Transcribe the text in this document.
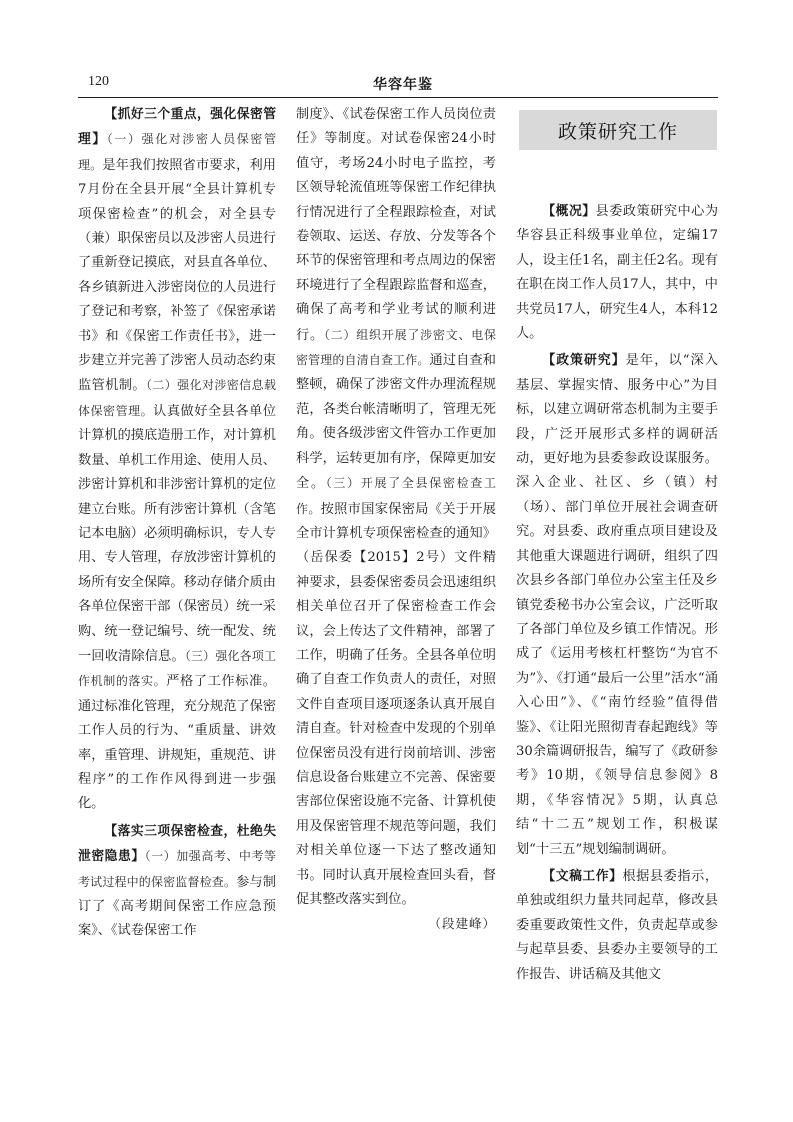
120	华容年鉴

【抓好三个重点，强化保密管理】（一）强化对涉密人员保密管理。是年我们按照省市要求，利用7月份在全县开展“全县计算机专项保密检查”的机会，对全县专（兼）职保密员以及涉密人员进行了重新登记摸底，对县直各单位、各乡镇新进入涉密岗位的人员进行了登记和考察，补签了《保密承诺书》和《保密工作责任书》，进一步建立并完善了涉密人员动态约束监管机制。（二）强化对涉密信息载体保密管理。认真做好全县各单位计算机的摸底造册工作，对计算机数量、单机工作用途、使用人员、涉密计算机和非涉密计算机的定位建立台账。所有涉密计算机（含笔记本电脑）必须明确标识，专人专用、专人管理，存放涉密计算机的场所有安全保障。移动存储介质由各单位保密干部（保密员）统一采购、统一登记编号、统一配发、统一回收清除信息。（三）强化各项工作机制的落实。严格了工作标准。通过标准化管理，充分规范了保密工作人员的行为、“重质量、讲效率，重管理、讲规矩，重规范、讲程序”的工作作风得到进一步强化。

【落实三项保密检查，杜绝失泄密隐患】（一）加强高考、中考等考试过程中的保密监督检查。参与制订了《高考期间保密工作应急预案》、《试卷保密工作

制度》、《试卷保密工作人员岗位责任》等制度。对试卷保密24小时值守，考场24小时电子监控，考区领导轮流值班等保密工作纪律执行情况进行了全程跟踪检查，对试卷领取、运送、存放、分发等各个环节的保密管理和考点周边的保密环境进行了全程跟踪监督和巡查，确保了高考和学业考试的顺利进行。（二）组织开展了涉密文、电保密管理的自清自查工作。通过自查和整顿，确保了涉密文件办理流程规范，各类台帐清晰明了，管理无死角。使各级涉密文件管办工作更加科学，运转更加有序，保障更加安全。（三）开展了全县保密检查工作。按照市国家保密局《关于开展全市计算机专项保密检查的通知》（岳保委【2015】2号）文件精神要求，县委保密委员会迅速组织相关单位召开了保密检查工作会议，会上传达了文件精神，部署了工作，明确了任务。全县各单位明确了自查工作负责人的责任，对照文件自查项目逐项逐条认真开展自清自查。针对检查中发现的个别单位保密员没有进行岗前培训、涉密信息设备台账建立不完善、保密要害部位保密设施不完备、计算机使用及保密管理不规范等问题，我们对相关单位逐一下达了整改通知书。同时认真开展检查回头看，督促其整改落实到位。

（段建峰）

政策研究工作

【概况】县委政策研究中心为华容县正科级事业单位，定编17人，设主任1名，副主任2名。现有在职在岗工作人员17人，其中，中共党员17人，研究生4人，本科12人。

【政策研究】是年，以“深入基层、掌握实情、服务中心”为目标，以建立调研常态机制为主要手段，广泛开展形式多样的调研活动，更好地为县委参政设谋服务。深入企业、社区、乡（镇）村（场）、部门单位开展社会调查研究。对县委、政府重点项目建设及其他重大课题进行调研，组织了四次县乡各部门单位办公室主任及乡镇党委秘书办公室会议，广泛听取了各部门单位及乡镇工作情况。形成了《运用考核杠杆整饬“为官不为”》、《打通“最后一公里”活水“涌入心田”》、《“南竹经验”值得借鉴》、《让阳光照彻青春起跑线》等30余篇调研报告，编写了《政研参考》10期，《领导信息参阅》8期，《华容情况》5期，认真总结“十二五”规划工作，积极谋划“十三五”规划编制调研。

【文稿工作】根据县委指示，单独或组织力量共同起草，修改县委重要政策性文件，负责起草或参与起草县委、县委办主要领导的工作报告、讲话稿及其他文
